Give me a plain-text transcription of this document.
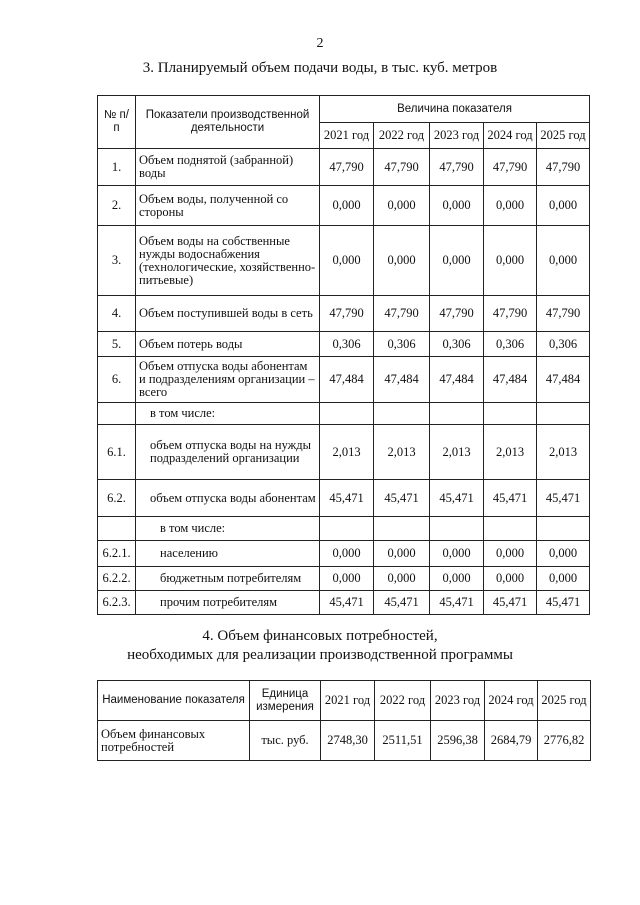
2
3. Планируемый объем подачи воды, в тыс. куб. метров
№ п/п	Показатели производственной деятельности	Величина показателя				
		2021 год	2022 год	2023 год	2024 год	2025 год
1.	Объем поднятой (забранной) воды	47,790	47,790	47,790	47,790	47,790
2.	Объем воды, полученной со стороны	0,000	0,000	0,000	0,000	0,000
3.	Объем воды на собственные нужды водоснабжения (технологические, хозяйственно-питьевые)	0,000	0,000	0,000	0,000	0,000
4.	Объем поступившей воды в сеть	47,790	47,790	47,790	47,790	47,790
5.	Объем потерь воды	0,306	0,306	0,306	0,306	0,306
6.	Объем отпуска воды абонентам и подразделениям организации – всего	47,484	47,484	47,484	47,484	47,484
	в том числе:					
6.1.	объем отпуска воды на нужды подразделений организации	2,013	2,013	2,013	2,013	2,013
6.2.	объем отпуска воды абонентам	45,471	45,471	45,471	45,471	45,471
	в том числе:					
6.2.1.	населению	0,000	0,000	0,000	0,000	0,000
6.2.2.	бюджетным потребителям	0,000	0,000	0,000	0,000	0,000
6.2.3.	прочим потребителям	45,471	45,471	45,471	45,471	45,471
4. Объем финансовых потребностей,
необходимых для реализации производственной программы
Наименование показателя	Единица измерения	2021 год	2022 год	2023 год	2024 год	2025 год
Объем финансовых потребностей	тыс. руб.	2748,30	2511,51	2596,38	2684,79	2776,82
